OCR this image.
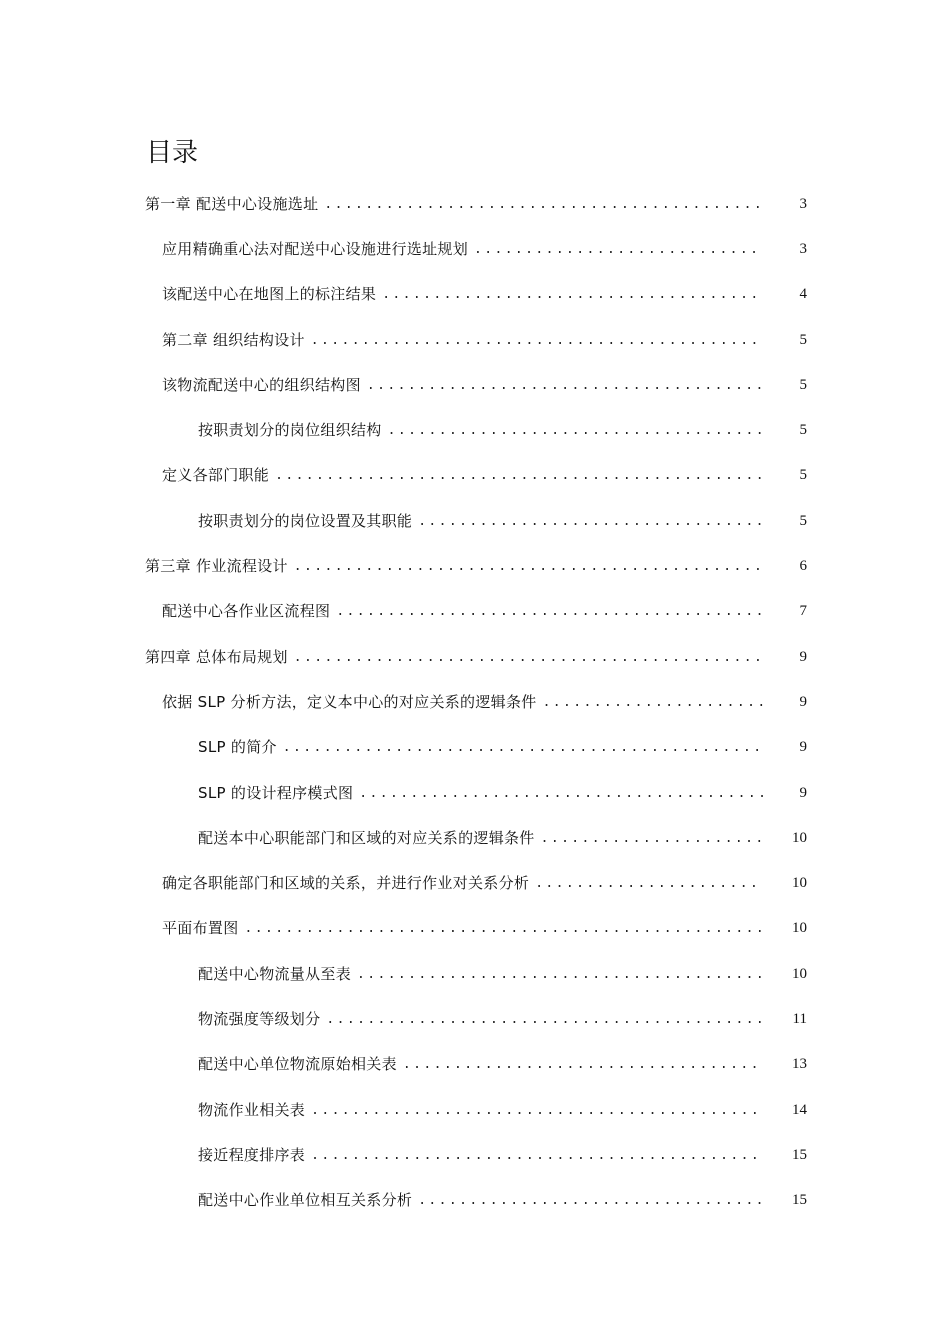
目录
第一章 配送中心设施选址 .....	3
应用精确重心法对配送中心设施进行选址规划 .....	3
该配送中心在地图上的标注结果 .....	4
第二章 组织结构设计 .....	5
该物流配送中心的组织结构图 .....	5
按职责划分的岗位组织结构 .....	5
定义各部门职能 .....	5
按职责划分的岗位设置及其职能 .....	5
第三章 作业流程设计 .....	6
配送中心各作业区流程图 .....	7
第四章 总体布局规划 .....	9
依据 SLP 分析方法，定义本中心的对应关系的逻辑条件 .....	9
SLP 的简介 .....	9
SLP 的设计程序模式图 .....	9
配送本中心职能部门和区域的对应关系的逻辑条件 .....	10
确定各职能部门和区域的关系，并进行作业对关系分析 .....	10
平面布置图 .....	10
配送中心物流量从至表 .....	10
物流强度等级划分 .....	11
配送中心单位物流原始相关表 .....	13
物流作业相关表 .....	14
接近程度排序表 .....	15
配送中心作业单位相互关系分析 .....	15
